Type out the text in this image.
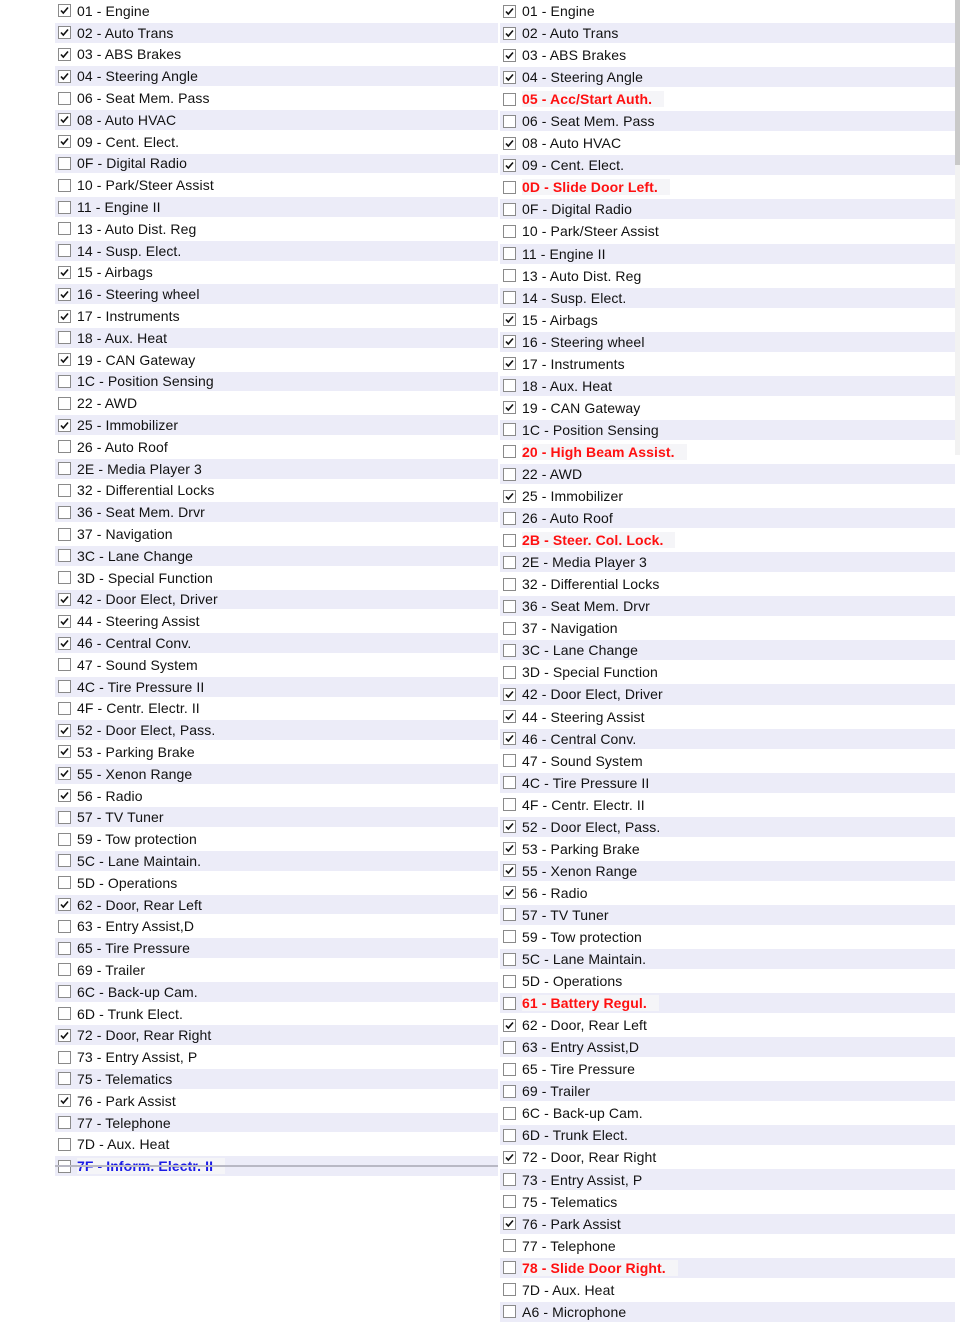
01 - Engine
02 - Auto Trans
03 - ABS Brakes
04 - Steering Angle
06 - Seat Mem. Pass
08 - Auto HVAC
09 - Cent. Elect.
0F - Digital Radio
10 - Park/Steer Assist
11 - Engine II
13 - Auto Dist. Reg
14 - Susp. Elect.
15 - Airbags
16 - Steering wheel
17 - Instruments
18 - Aux. Heat
19 - CAN Gateway
1C - Position Sensing
22 - AWD
25 - Immobilizer
26 - Auto Roof
2E - Media Player 3
32 - Differential Locks
36 - Seat Mem. Drvr
37 - Navigation
3C - Lane Change
3D - Special Function
42 - Door Elect, Driver
44 - Steering Assist
46 - Central Conv.
47 - Sound System
4C - Tire Pressure II
4F - Centr. Electr. II
52 - Door Elect, Pass.
53 - Parking Brake
55 - Xenon Range
56 - Radio
57 - TV Tuner
59 - Tow protection
5C - Lane Maintain.
5D - Operations
62 - Door, Rear Left
63 - Entry Assist,D
65 - Tire Pressure
69 - Trailer
6C - Back-up Cam.
6D - Trunk Elect.
72 - Door, Rear Right
73 - Entry Assist, P
75 - Telematics
76 - Park Assist
77 - Telephone
7D - Aux. Heat
7F - Inform. Electr. II
01 - Engine
02 - Auto Trans
03 - ABS Brakes
04 - Steering Angle
05 - Acc/Start Auth.
06 - Seat Mem. Pass
08 - Auto HVAC
09 - Cent. Elect.
0D - Slide Door Left.
0F - Digital Radio
10 - Park/Steer Assist
11 - Engine II
13 - Auto Dist. Reg
14 - Susp. Elect.
15 - Airbags
16 - Steering wheel
17 - Instruments
18 - Aux. Heat
19 - CAN Gateway
1C - Position Sensing
20 - High Beam Assist.
22 - AWD
25 - Immobilizer
26 - Auto Roof
2B - Steer. Col. Lock.
2E - Media Player 3
32 - Differential Locks
36 - Seat Mem. Drvr
37 - Navigation
3C - Lane Change
3D - Special Function
42 - Door Elect, Driver
44 - Steering Assist
46 - Central Conv.
47 - Sound System
4C - Tire Pressure II
4F - Centr. Electr. II
52 - Door Elect, Pass.
53 - Parking Brake
55 - Xenon Range
56 - Radio
57 - TV Tuner
59 - Tow protection
5C - Lane Maintain.
5D - Operations
61 - Battery Regul.
62 - Door, Rear Left
63 - Entry Assist,D
65 - Tire Pressure
69 - Trailer
6C - Back-up Cam.
6D - Trunk Elect.
72 - Door, Rear Right
73 - Entry Assist, P
75 - Telematics
76 - Park Assist
77 - Telephone
78 - Slide Door Right.
7D - Aux. Heat
A6 - Microphone
